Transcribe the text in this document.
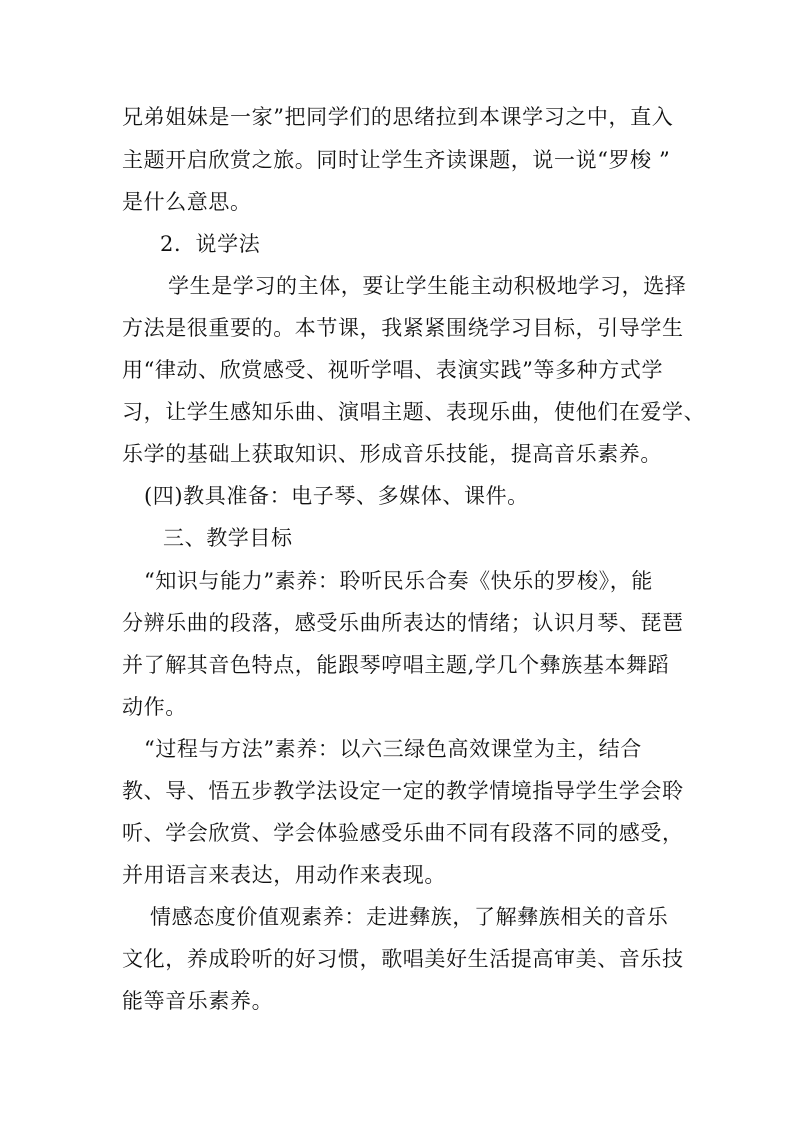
兄弟姐妹是一家”把同学们的思绪拉到本课学习之中，直入
主题开启欣赏之旅。同时让学生齐读课题，说一说“罗梭 ”
是什么意思。
2．说学法
学生是学习的主体，要让学生能主动积极地学习，选择
方法是很重要的。本节课，我紧紧围绕学习目标，引导学生
用“律动、欣赏感受、视听学唱、表演实践”等多种方式学
习，让学生感知乐曲、演唱主题、表现乐曲，使他们在爱学、
乐学的基础上获取知识、形成音乐技能，提高音乐素养。
(四)教具准备：电子琴、多媒体、课件。
三、教学目标
“知识与能力”素养：聆听民乐合奏《快乐的罗梭》，能
分辨乐曲的段落，感受乐曲所表达的情绪；认识月琴、琵琶
并了解其音色特点，能跟琴哼唱主题,学几个彝族基本舞蹈
动作。
“过程与方法”素养：以六三绿色高效课堂为主，结合
教、导、悟五步教学法设定一定的教学情境指导学生学会聆
听、学会欣赏、学会体验感受乐曲不同有段落不同的感受，
并用语言来表达，用动作来表现。
情感态度价值观素养：走进彝族，了解彝族相关的音乐
文化，养成聆听的好习惯，歌唱美好生活提高审美、音乐技
能等音乐素养。
